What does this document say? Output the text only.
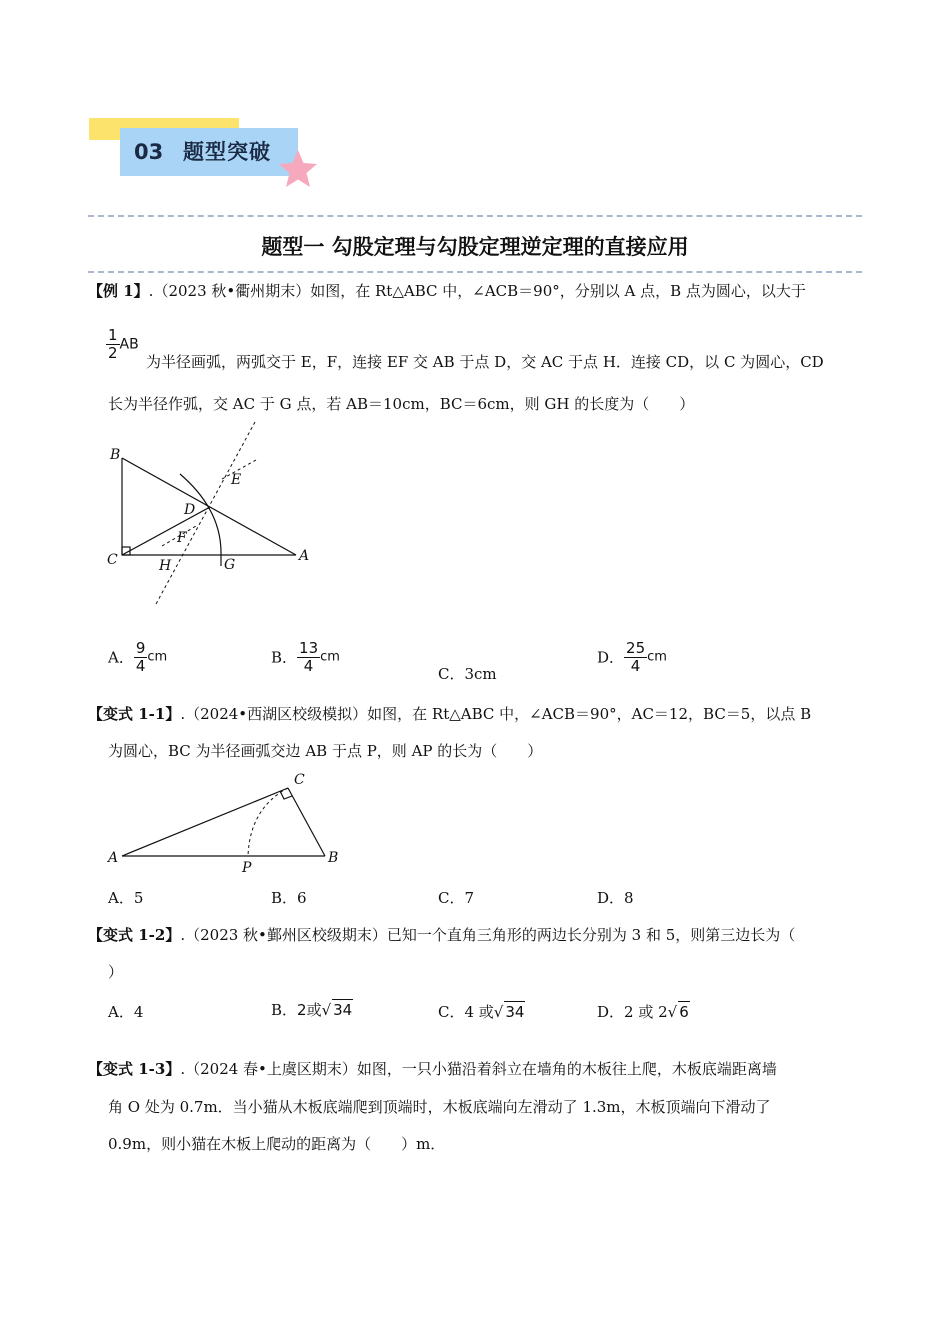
03 题型突破
题型一 勾股定理与勾股定理逆定理的直接应用
【例 1】.（2023 秋•衢州期末）如图，在 Rt△ABC 中，∠ACB＝90°，分别以 A 点，B 点为圆心，以大于
$\frac{1}{2}$ AB
为半径画弧，两弧交于 E，F，连接 EF 交 AB 于点 D，交 AC 于点 H．连接 CD，以 C 为圆心，CD
长为半径作弧，交 AC 于 G 点，若 AB＝10cm，BC＝6cm，则 GH 的长度为（　　）
B
C	A
D
E
F
H	G
A． $\frac{9}{4}$ cm	B． $\frac{13}{4}$ cm
C．3cm
D． $\frac{25}{4}$ cm
【变式 1-1】.（2024•西湖区校级模拟）如图，在 Rt△ABC 中，∠ACB＝90°，AC＝12，BC＝5，以点 B
为圆心，BC 为半径画弧交边 AB 于点 P，则 AP 的长为（　　）
A	B
C
P
A．5	B．6	C．7	D．8
【变式 1-2】.（2023 秋•鄞州区校级期末）已知一个直角三角形的两边长分别为 3 和 5，则第三边长为（
）
A．4	B．2或√ 34	C．4 或√ 34	D．2 或 2√ 6
【变式 1-3】.（2024 春•上虞区期末）如图，一只小猫沿着斜立在墙角的木板往上爬，木板底端距离墙
角 O 处为 0.7m．当小猫从木板底端爬到顶端时，木板底端向左滑动了 1.3m，木板顶端向下滑动了
0.9m，则小猫在木板上爬动的距离为（　　）m．
